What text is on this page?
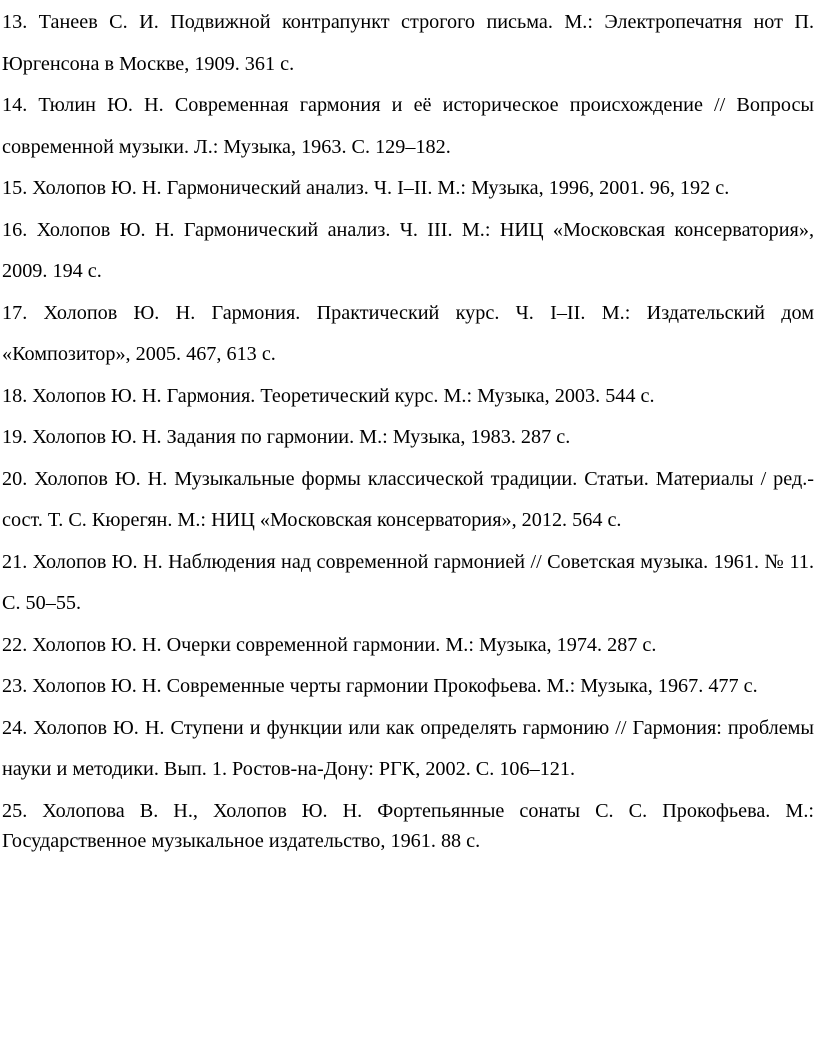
13. Танеев С. И. Подвижной контрапункт строгого письма. М.: Электропечатня нот П. Юргенсона в Москве, 1909. 361 с.

14. Тюлин Ю. Н. Современная гармония и её историческое происхождение // Вопросы современной музыки. Л.: Музыка, 1963. С. 129–182.

15. Холопов Ю. Н. Гармонический анализ. Ч. I–II. М.: Музыка, 1996, 2001. 96, 192 с.

16. Холопов Ю. Н. Гармонический анализ. Ч. III. М.: НИЦ «Московская консерватория», 2009. 194 с.

17. Холопов Ю. Н. Гармония. Практический курс. Ч. I–II. М.: Издательский дом «Композитор», 2005. 467, 613 с.

18. Холопов Ю. Н. Гармония. Теоретический курс. М.: Музыка, 2003. 544 с.

19. Холопов Ю. Н. Задания по гармонии. М.: Музыка, 1983. 287 с.

20. Холопов Ю. Н. Музыкальные формы классической традиции. Статьи. Материалы / ред.-сост. Т. С. Кюрегян. М.: НИЦ «Московская консерватория», 2012. 564 с.

21. Холопов Ю. Н. Наблюдения над современной гармонией // Советская музыка. 1961. № 11. С. 50–55.

22. Холопов Ю. Н. Очерки современной гармонии. М.: Музыка, 1974. 287 с.

23. Холопов Ю. Н. Современные черты гармонии Прокофьева. М.: Музыка, 1967. 477 с.

24. Холопов Ю. Н. Ступени и функции или как определять гармонию // Гармония: проблемы науки и методики. Вып. 1. Ростов-на-Дону: РГК, 2002. С. 106–121.

25. Холопова В. Н., Холопов Ю. Н. Фортепьянные сонаты С. С. Прокофьева. М.: Государственное музыкальное издательство, 1961. 88 с.
